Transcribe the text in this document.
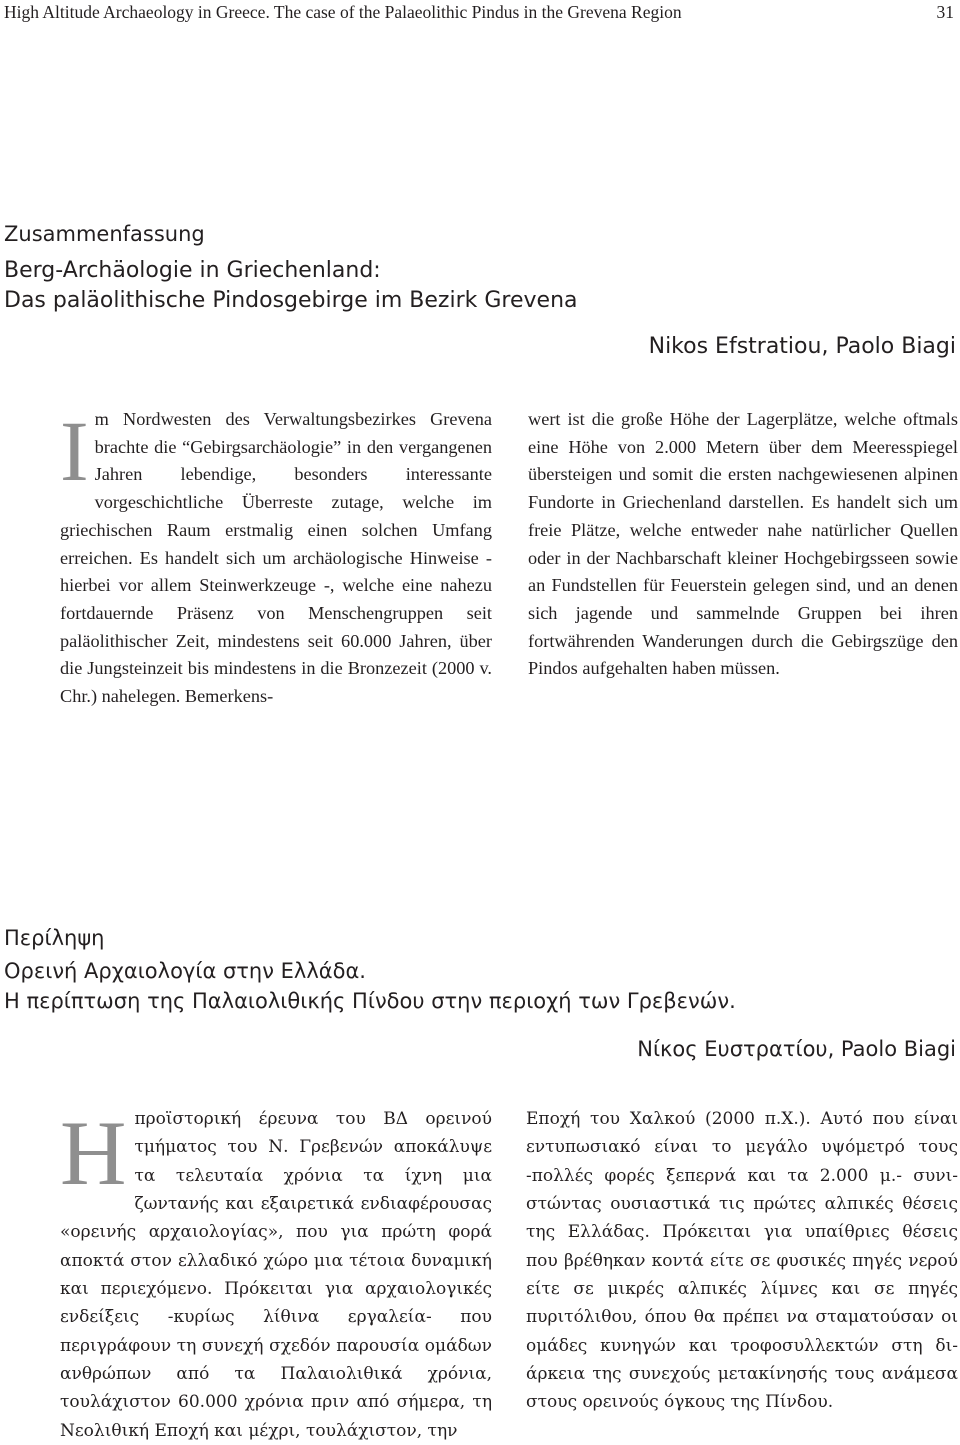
High Altitude Archaeology in Greece. The case of the Palaeolithic Pindus in the Grevena Region	31
Zusammenfassung
Berg-Archäologie in Griechenland:
Das paläolithische Pindosgebirge im Bezirk Grevena
Nikos Efstratiou, Paolo Biagi

Im Nordwesten des Verwaltungsbezirkes Grevena brachte die “Gebirgsarchäologie” in den vergangenen Jahren lebendige, besonders interessante vorgeschichtliche Überreste zutage, welche im griechischen Raum erstmalig einen solchen Umfang erreichen. Es handelt sich um archäologische Hinweise - hierbei vor allem Steinwerkzeuge -, welche eine nahezu fortdauernde Präsenz von Menschengruppen seit paläolithischer Zeit, mindestens seit 60.000 Jahren, über die Jungsteinzeit bis mindestens in die Bronzezeit (2000 v. Chr.) nahelegen. Bemerkens-

wert ist die große Höhe der Lagerplätze, welche oftmals eine Höhe von 2.000 Metern über dem Meeresspiegel übersteigen und somit die ersten nachgewiesenen alpinen Fundorte in Griechenland darstellen. Es handelt sich um freie Plätze, welche entweder nahe natürlicher Quellen oder in der Nachbarschaft kleiner Hochgebirgsseen sowie an Fundstellen für Feuerstein gelegen sind, und an denen sich jagende und sammelnde Gruppen bei ihren fortwährenden Wanderungen durch die Gebirgszüge den Pindos aufgehalten haben müssen.

Περίληψη
Ορεινή Αρχαιολογία στην Ελλάδα.
Η περίπτωση της Παλαιολιθικής Πίνδου στην περιοχή των Γρεβενών.
Νίκος Ευστρατίου, Paolo Biagi

Ηπροϊστορική έρευνα του ΒΔ ορεινού τμήματος του Ν. Γρεβενών αποκάλυψε τα τελευταία χρόνια τα ίχνη μια ζωντανής και εξαιρετικά ενδιαφέρουσας «ορεινής αρχαιολογίας», που για πρώτη φορά αποκτά στον ελλαδικό χώρο μια τέτοια δυναμική και περιεχόμενο. Πρόκειται για αρχαιολογικές ενδείξεις -κυρίως λίθινα εργαλεία- που περιγράφουν τη συνεχή σχεδόν παρουσία ομάδων ανθρώπων από τα Παλαιολιθικά χρόνια, τουλάχιστον 60.000 χρόνια πριν από σήμερα, τη Νεολιθική Εποχή και μέχρι, τουλάχιστον, την

Εποχή του Χαλκού (2000 π.Χ.). Αυτό που είναι εντυπωσιακό είναι το μεγάλο υψόμετρό τους -πολλές φορές ξεπερνά και τα 2.000 μ.- συνιστώντας ουσιαστικά τις πρώτες αλπικές θέσεις της Ελλάδας. Πρόκειται για υπαίθριες θέσεις που βρέθηκαν κοντά είτε σε φυσικές πηγές νερού είτε σε μικρές αλπικές λίμνες και σε πηγές πυριτόλιθου, όπου θα πρέπει να σταματούσαν οι ομάδες κυνηγών και τροφοσυλλεκτών στη διάρκεια της συνεχούς μετακίνησής τους ανάμεσα στους ορεινούς όγκους της Πίνδου.
